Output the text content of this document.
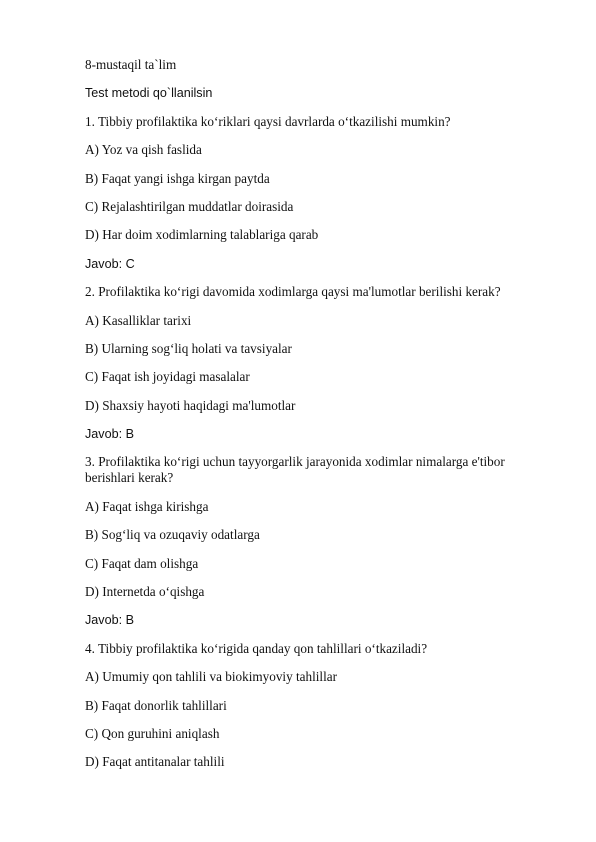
8-mustaqil ta`lim
Test metodi qo`llanilsin
1. Tibbiy profilaktika ko‘riklari qaysi davrlarda o‘tkazilishi mumkin?
A) Yoz va qish faslida
B) Faqat yangi ishga kirgan paytda
C) Rejalashtirilgan muddatlar doirasida
D) Har doim xodimlarning talablariga qarab
Javob: C
2. Profilaktika ko‘rigi davomida xodimlarga qaysi ma'lumotlar berilishi kerak?
A) Kasalliklar tarixi
B) Ularning sog‘liq holati va tavsiyalar
C) Faqat ish joyidagi masalalar
D) Shaxsiy hayoti haqidagi ma'lumotlar
Javob: B
3. Profilaktika ko‘rigi uchun tayyorgarlik jarayonida xodimlar nimalarga e'tibor berishlari kerak?
A) Faqat ishga kirishga
B) Sog‘liq va ozuqaviy odatlarga
C) Faqat dam olishga
D) Internetda o‘qishga
Javob: B
4. Tibbiy profilaktika ko‘rigida qanday qon tahlillari o‘tkaziladi?
A) Umumiy qon tahlili va biokimyoviy tahlillar
B) Faqat donorlik tahlillari
C) Qon guruhini aniqlash
D) Faqat antitanalar tahlili
